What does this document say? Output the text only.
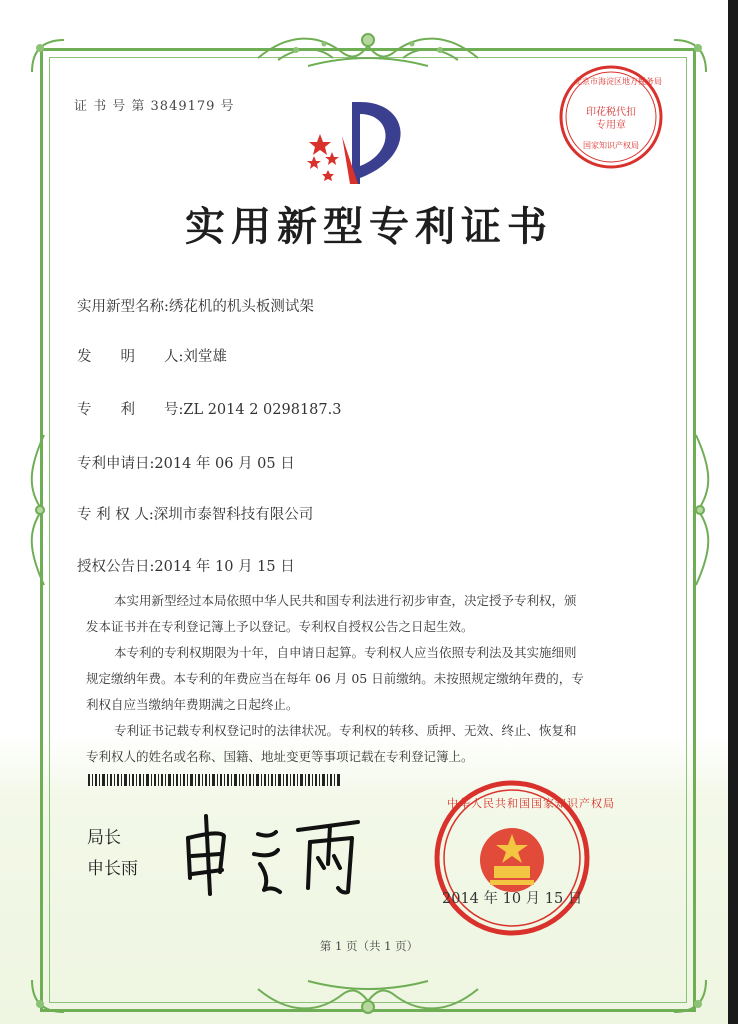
证 书 号 第 3849179 号
北京市海淀区地方税务局
印花税代扣专用章
国家知识产权局
实用新型专利证书
实用新型名称:绣花机的机头板测试架
发　　明　　人:刘堂雄
专　　利　　号:ZL 2014 2 0298187.3
专利申请日:2014 年 06 月 05 日
专 利 权 人:深圳市泰智科技有限公司
授权公告日:2014 年 10 月 15 日

本实用新型经过本局依照中华人民共和国专利法进行初步审查，决定授予专利权，颁

发本证书并在专利登记簿上予以登记。专利权自授权公告之日起生效。

本专利的专利权期限为十年，自申请日起算。专利权人应当依照专利法及其实施细则

规定缴纳年费。本专利的年费应当在每年 06 月 05 日前缴纳。未按照规定缴纳年费的，专

利权自应当缴纳年费期满之日起终止。

专利证书记载专利权登记时的法律状况。专利权的转移、质押、无效、终止、恢复和

专利权人的姓名或名称、国籍、地址变更等事项记载在专利登记簿上。

局长
申长雨
中华人民共和国国家知识产权局
2014 年 10 月 15 日
第 1 页（共 1 页）
